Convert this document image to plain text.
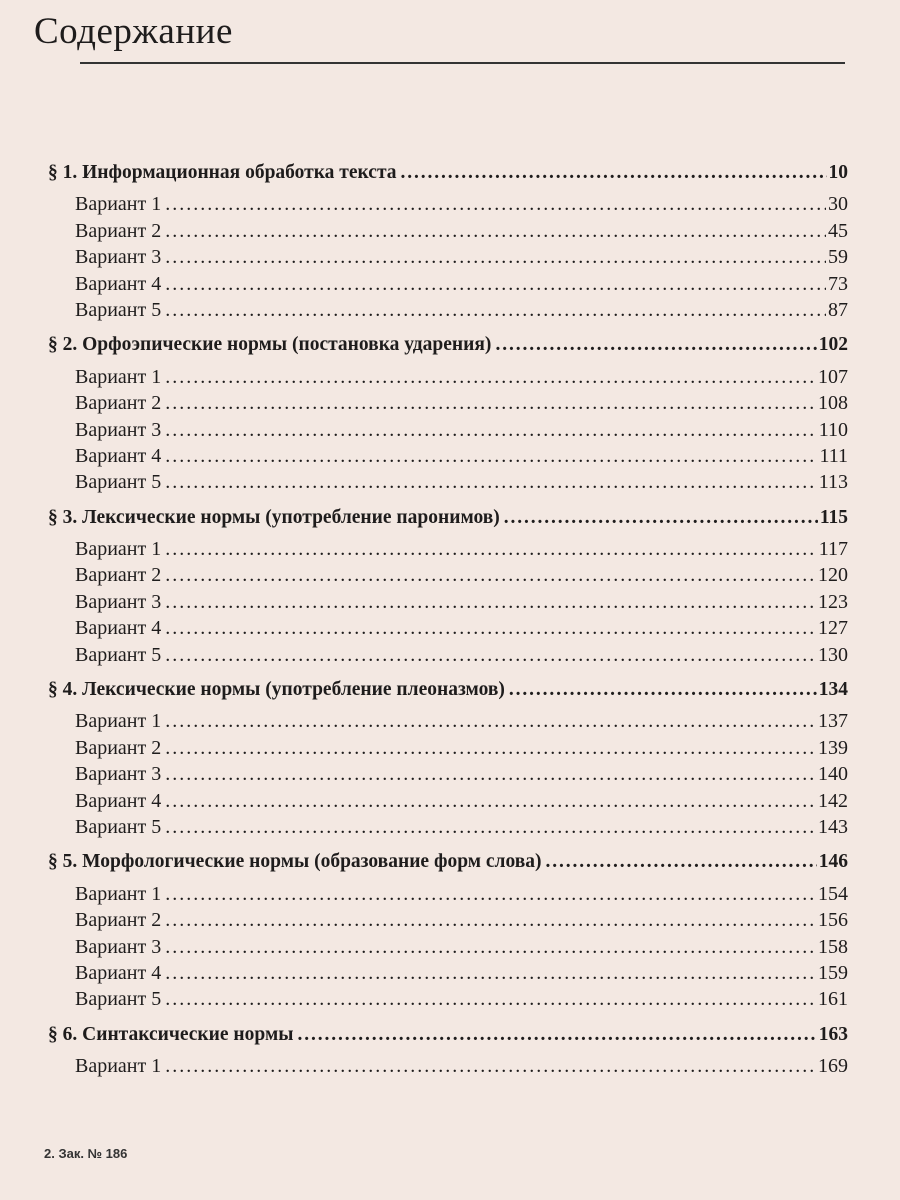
Содержание
§ 1. Информационная обработка текста . . .	10
Вариант 1 . . .	30
Вариант 2 . . .	45
Вариант 3 . . .	59
Вариант 4 . . .	73
Вариант 5 . . .	87
§ 2. Орфоэпические нормы (постановка ударения) . . .	102
Вариант 1 . . .	107
Вариант 2 . . .	108
Вариант 3 . . .	110
Вариант 4 . . .	111
Вариант 5 . . .	113
§ 3. Лексические нормы (употребление паронимов) . . .	115
Вариант 1 . . .	117
Вариант 2 . . .	120
Вариант 3 . . .	123
Вариант 4 . . .	127
Вариант 5 . . .	130
§ 4. Лексические нормы (употребление плеоназмов) . . .	134
Вариант 1 . . .	137
Вариант 2 . . .	139
Вариант 3 . . .	140
Вариант 4 . . .	142
Вариант 5 . . .	143
§ 5. Морфологические нормы (образование форм слова) . . .	146
Вариант 1 . . .	154
Вариант 2 . . .	156
Вариант 3 . . .	158
Вариант 4 . . .	159
Вариант 5 . . .	161
§ 6. Синтаксические нормы . . .	163
Вариант 1 . . .	169
2. Зак. № 186
